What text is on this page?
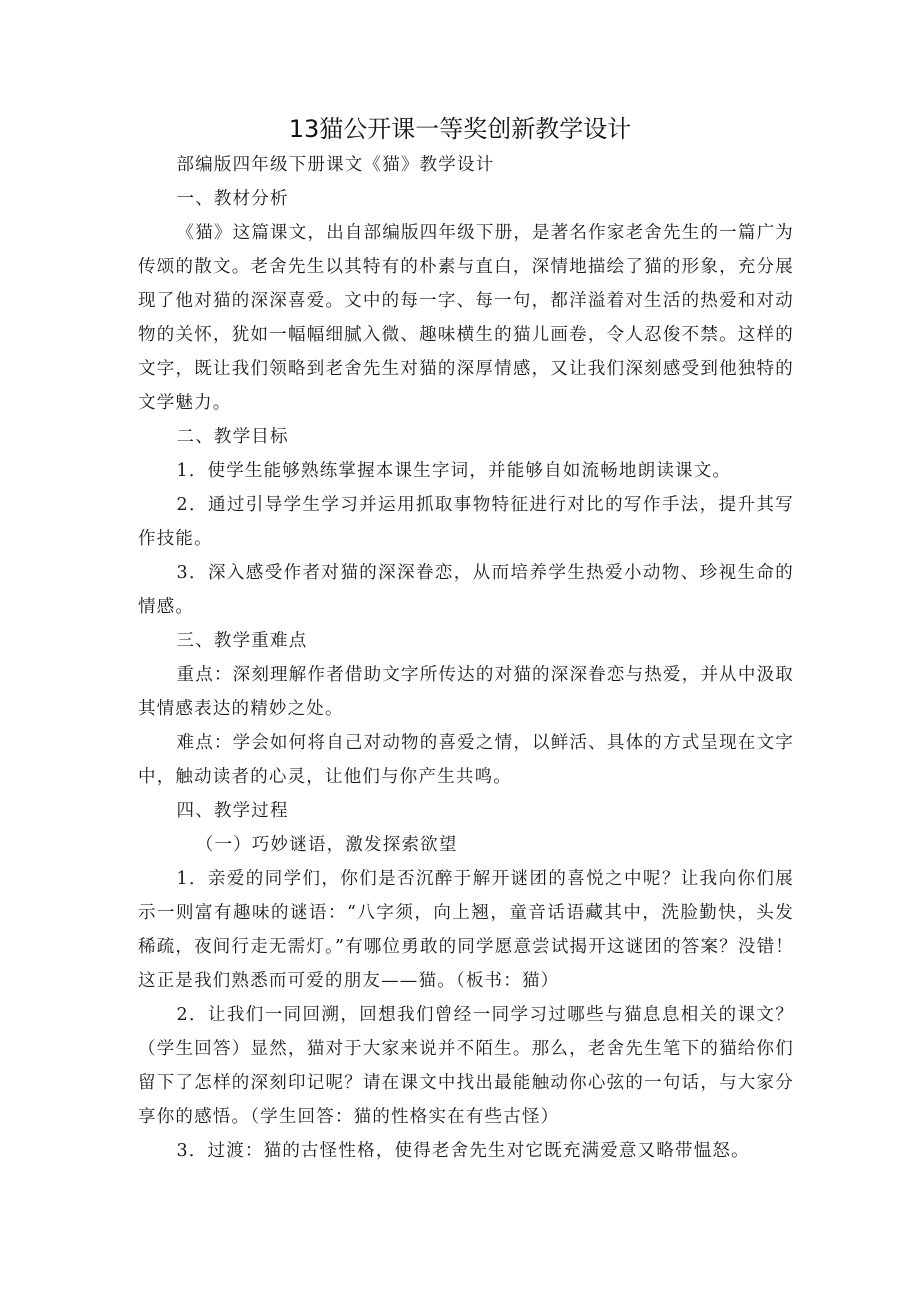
13猫公开课一等奖创新教学设计

部编版四年级下册课文《猫》教学设计

一、教材分析

《猫》这篇课文，出自部编版四年级下册，是著名作家老舍先生的一篇广为传颂的散文。老舍先生以其特有的朴素与直白，深情地描绘了猫的形象，充分展现了他对猫的深深喜爱。文中的每一字、每一句，都洋溢着对生活的热爱和对动物的关怀，犹如一幅幅细腻入微、趣味横生的猫儿画卷，令人忍俊不禁。这样的文字，既让我们领略到老舍先生对猫的深厚情感，又让我们深刻感受到他独特的文学魅力。

二、教学目标

1．使学生能够熟练掌握本课生字词，并能够自如流畅地朗读课文。

2．通过引导学生学习并运用抓取事物特征进行对比的写作手法，提升其写作技能。

3．深入感受作者对猫的深深眷恋，从而培养学生热爱小动物、珍视生命的情感。

三、教学重难点

重点：深刻理解作者借助文字所传达的对猫的深深眷恋与热爱，并从中汲取其情感表达的精妙之处。

难点：学会如何将自己对动物的喜爱之情，以鲜活、具体的方式呈现在文字中，触动读者的心灵，让他们与你产生共鸣。

四、教学过程

（一）巧妙谜语，激发探索欲望

1．亲爱的同学们，你们是否沉醉于解开谜团的喜悦之中呢？让我向你们展示一则富有趣味的谜语：“八字须，向上翘，童音话语藏其中，洗脸勤快，头发稀疏，夜间行走无需灯。”有哪位勇敢的同学愿意尝试揭开这谜团的答案？没错！这正是我们熟悉而可爱的朋友——猫。（板书：猫）

2．让我们一同回溯，回想我们曾经一同学习过哪些与猫息息相关的课文？（学生回答）显然，猫对于大家来说并不陌生。那么，老舍先生笔下的猫给你们留下了怎样的深刻印记呢？请在课文中找出最能触动你心弦的一句话，与大家分享你的感悟。（学生回答：猫的性格实在有些古怪）

3．过渡：猫的古怪性格，使得老舍先生对它既充满爱意又略带愠怒。
